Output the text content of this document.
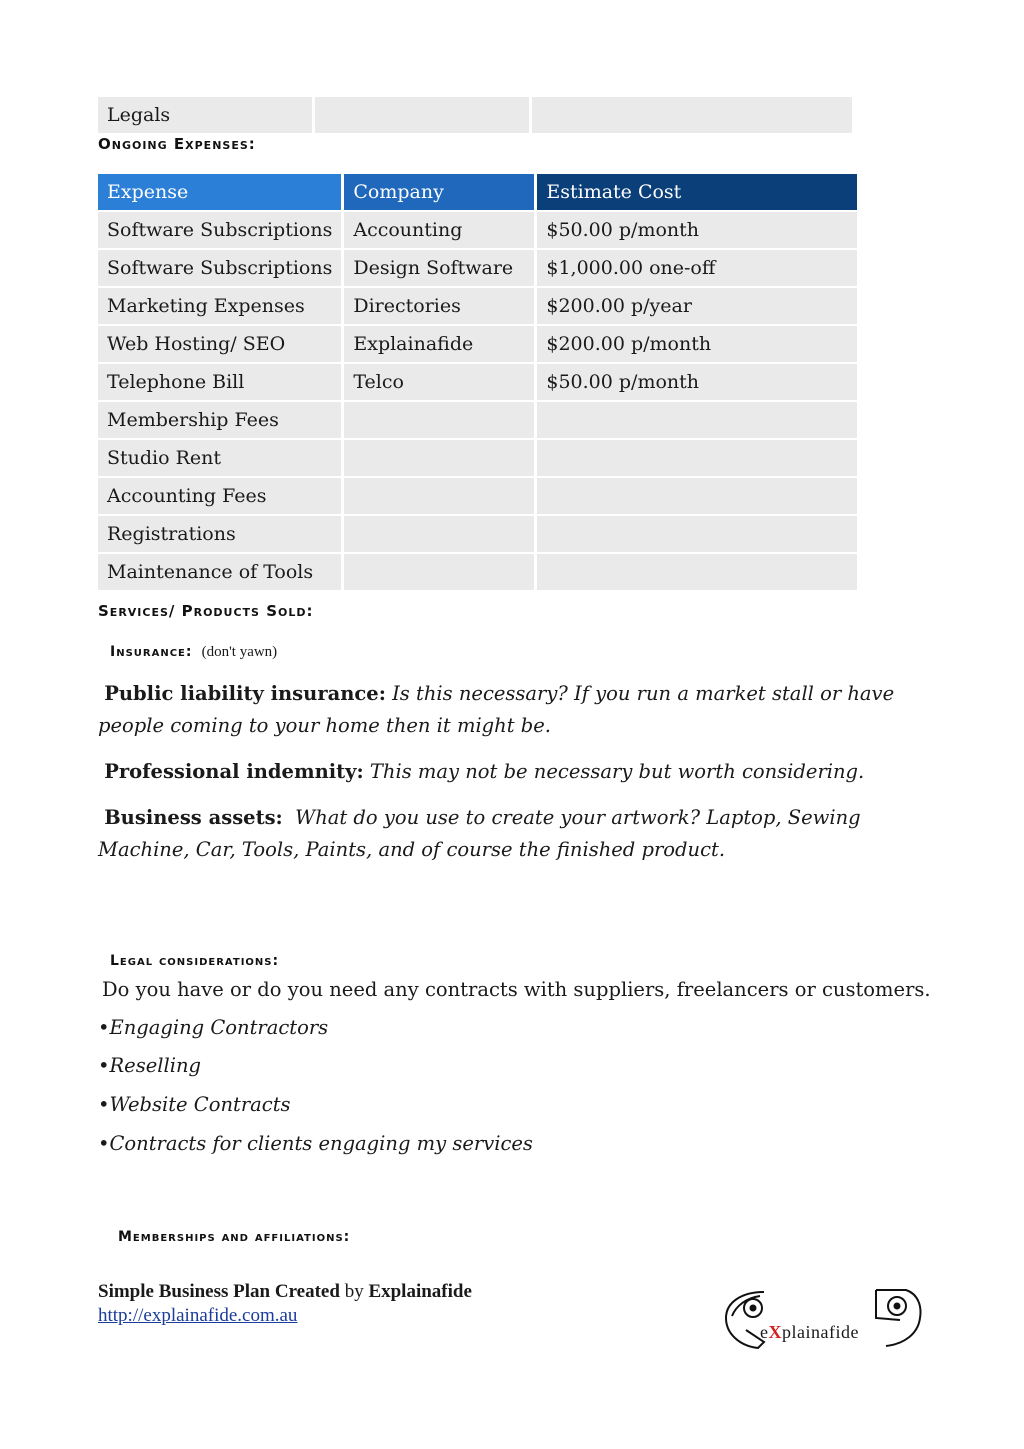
Legals		
Ongoing Expenses:
Expense	Company	Estimate Cost
Software Subscriptions	Accounting	$50.00 p/month
Software Subscriptions	Design Software	$1,000.00 one-off
Marketing Expenses	Directories	$200.00 p/year
Web Hosting/ SEO	Explainafide	$200.00 p/month
Telephone Bill	Telco	$50.00 p/month
Membership Fees		
Studio Rent		
Accounting Fees		
Registrations		
Maintenance of Tools		
Services/ Products Sold:
Insurance: (don't yawn)
Public liability insurance: Is this necessary? If you run a market stall or have people coming to your home then it might be.
Professional indemnity: This may not be necessary but worth considering.
Business assets: What do you use to create your artwork? Laptop, Sewing Machine, Car, Tools, Paints, and of course the finished product.
Legal considerations:
Do you have or do you need any contracts with suppliers, freelancers or customers.
•Engaging Contractors
•Reselling
•Website Contracts
•Contracts for clients engaging my services
Memberships and affiliations:
Simple Business Plan Created by Explainafide
http://explainafide.com.au
eXplainafide
